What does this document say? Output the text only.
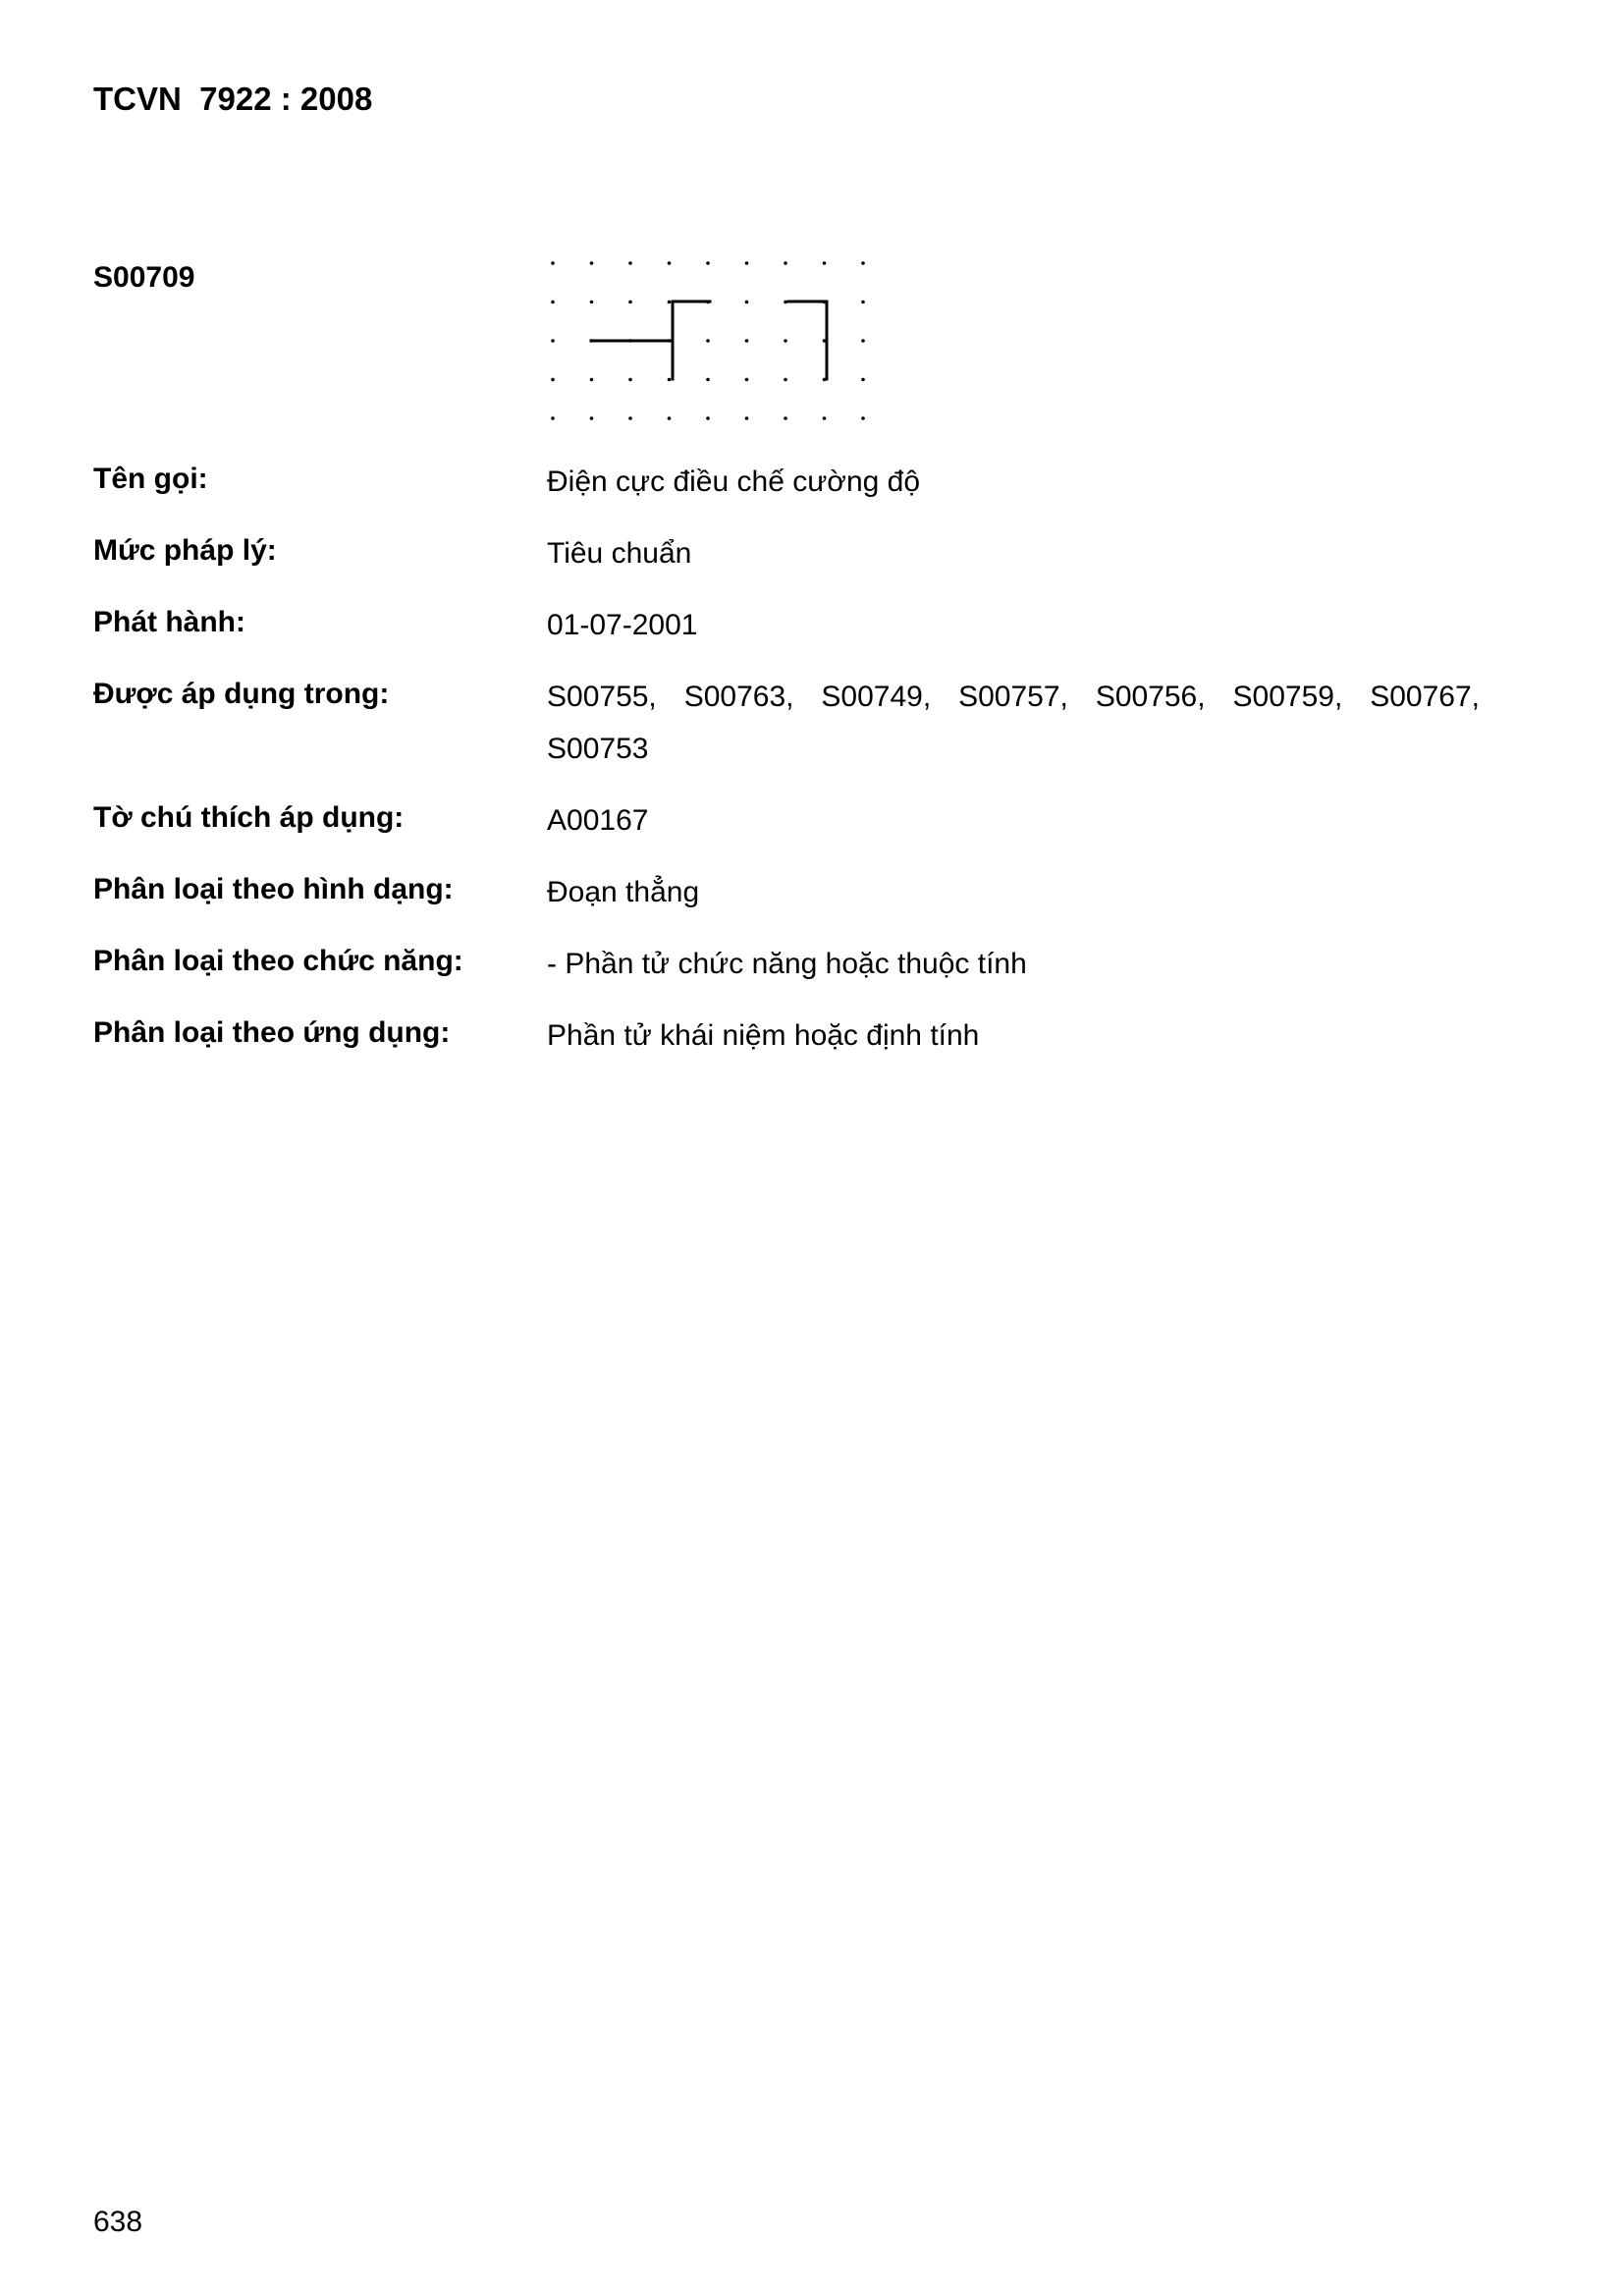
TCVN  7922 : 2008
S00709
Tên gọi:	Điện cực điều chế cường độ
Mức pháp lý:	Tiêu chuẩn
Phát hành:	01-07-2001
Được áp dụng trong:	S00755, S00763, S00749, S00757, S00756, S00759, S00767,
S00753
Tờ chú thích áp dụng:	A00167
Phân loại theo hình dạng:	Đoạn thẳng
Phân loại theo chức năng:	- Phần tử chức năng hoặc thuộc tính
Phân loại theo ứng dụng:	Phần tử khái niệm hoặc định tính
638
